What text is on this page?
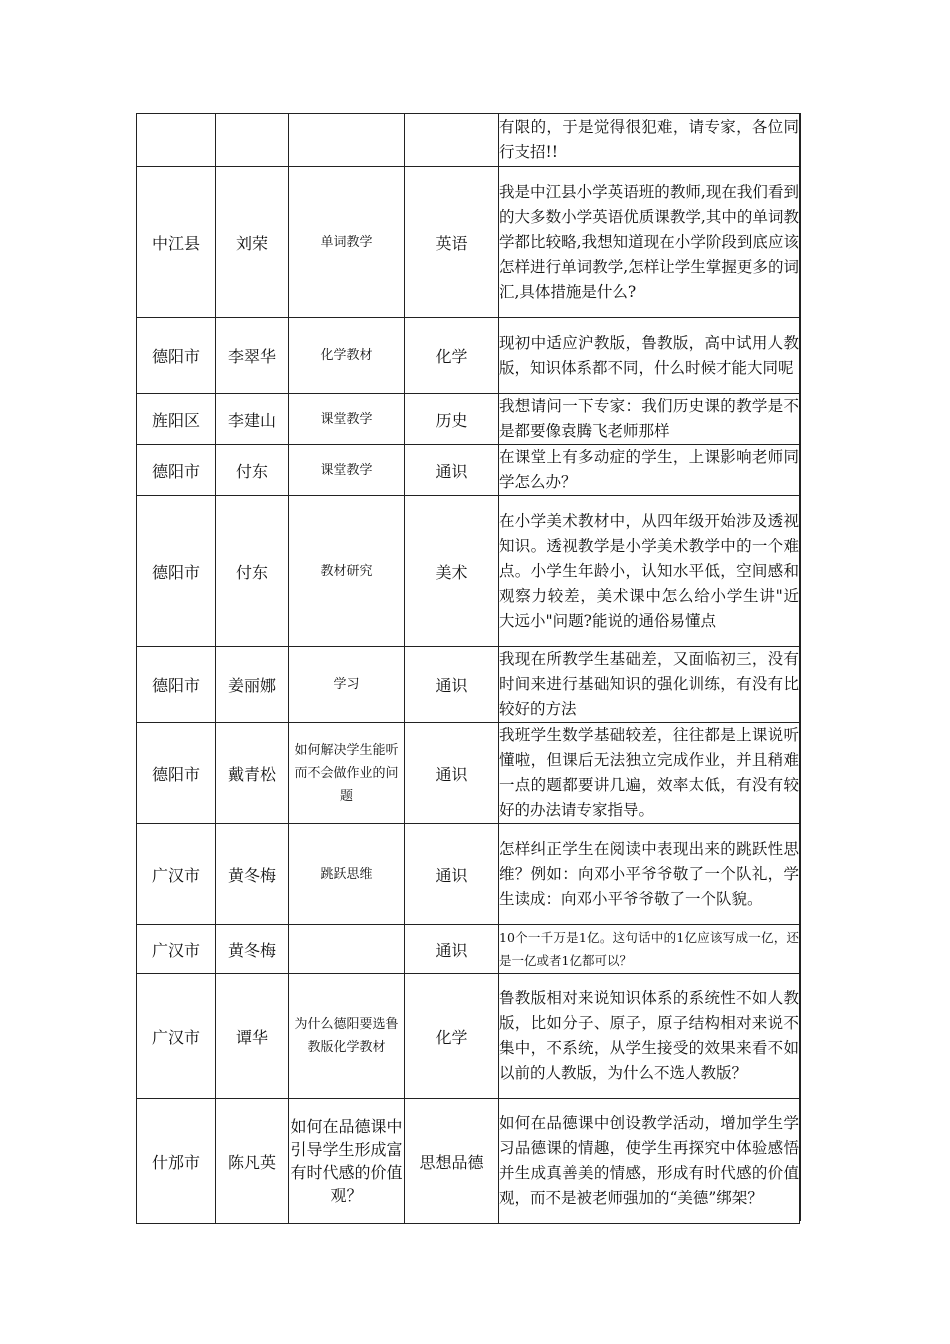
				有限的，于是觉得很犯难，请专家，各位同行支招!!
中江县	刘荣	单词教学	英语	我是中江县小学英语班的教师,现在我们看到的大多数小学英语优质课教学,其中的单词教学都比较略,我想知道现在小学阶段到底应该怎样进行单词教学,怎样让学生掌握更多的词汇,具体措施是什么?
德阳市	李翠华	化学教材	化学	现初中适应沪教版，鲁教版，高中试用人教版，知识体系都不同，什么时候才能大同呢
旌阳区	李建山	课堂教学	历史	我想请问一下专家：我们历史课的教学是不是都要像袁腾飞老师那样
德阳市	付东	课堂教学	通识	在课堂上有多动症的学生，上课影响老师同学怎么办？
德阳市	付东	教材研究	美术	在小学美术教材中，从四年级开始涉及透视知识。透视教学是小学美术教学中的一个难点。小学生年龄小，认知水平低，空间感和观察力较差，美术课中怎么给小学生讲"近大远小"问题?能说的通俗易懂点
德阳市	姜丽娜	学习	通识	我现在所教学生基础差，又面临初三，没有时间来进行基础知识的强化训练，有没有比较好的方法
德阳市	戴青松	如何解决学生能听而不会做作业的问题	通识	我班学生数学基础较差，往往都是上课说听懂啦，但课后无法独立完成作业，并且稍难一点的题都要讲几遍，效率太低，有没有较好的办法请专家指导。
广汉市	黄冬梅	跳跃思维	通识	怎样纠正学生在阅读中表现出来的跳跃性思维？例如：向邓小平爷爷敬了一个队礼，学生读成：向邓小平爷爷敬了一个队貌。
广汉市	黄冬梅		通识	10个一千万是1亿。这句话中的1亿应该写成一亿，还是一亿或者1亿都可以？
广汉市	谭华	为什么德阳要选鲁教版化学教材	化学	鲁教版相对来说知识体系的系统性不如人教版，比如分子、原子，原子结构相对来说不集中，不系统，从学生接受的效果来看不如以前的人教版，为什么不选人教版？
什邡市	陈凡英	如何在品德课中引导学生形成富有时代感的价值观？	思想品德	如何在品德课中创设教学活动，增加学生学习品德课的情趣，使学生再探究中体验感悟并生成真善美的情感，形成有时代感的价值观，而不是被老师强加的“美德”绑架？
